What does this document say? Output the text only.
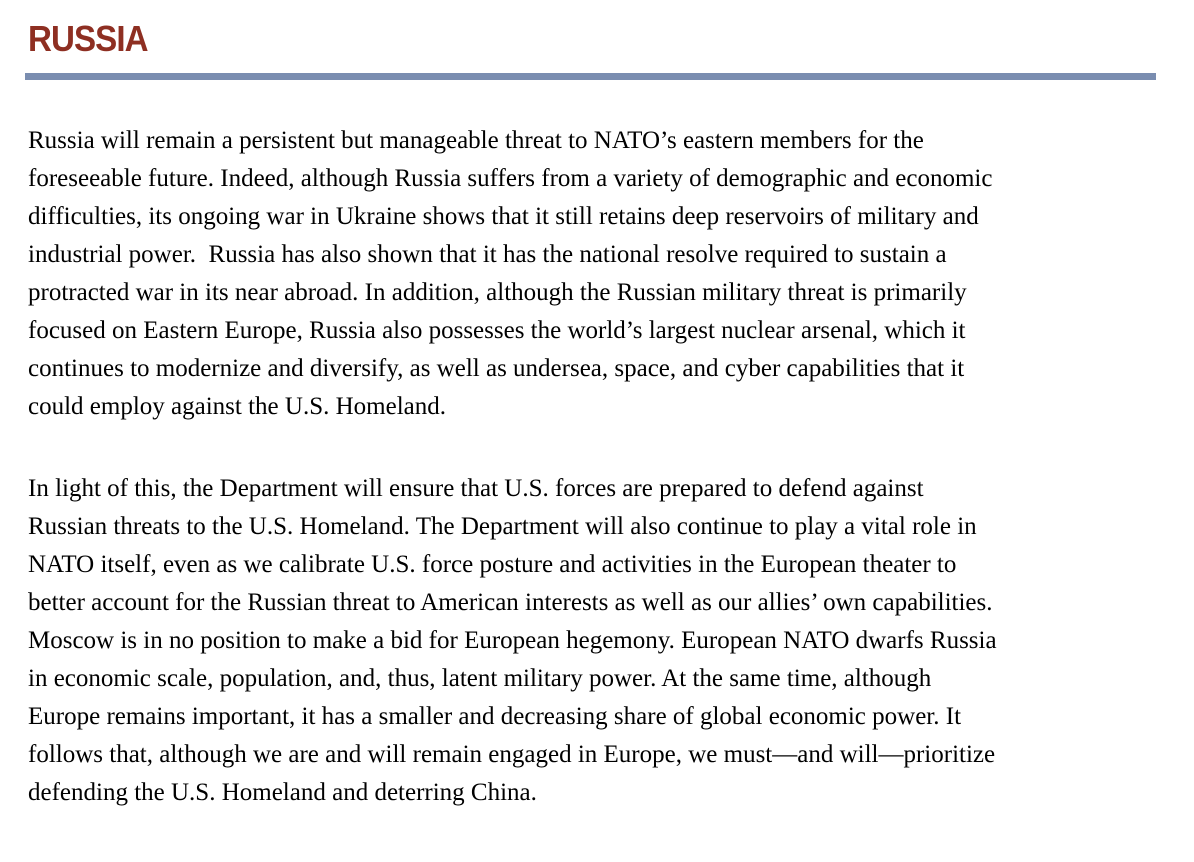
RUSSIA
Russia will remain a persistent but manageable threat to NATO’s eastern members for the
foreseeable future. Indeed, although Russia suffers from a variety of demographic and economic
difficulties, its ongoing war in Ukraine shows that it still retains deep reservoirs of military and
industrial power.  Russia has also shown that it has the national resolve required to sustain a
protracted war in its near abroad. In addition, although the Russian military threat is primarily
focused on Eastern Europe, Russia also possesses the world’s largest nuclear arsenal, which it
continues to modernize and diversify, as well as undersea, space, and cyber capabilities that it
could employ against the U.S. Homeland.
In light of this, the Department will ensure that U.S. forces are prepared to defend against
Russian threats to the U.S. Homeland. The Department will also continue to play a vital role in
NATO itself, even as we calibrate U.S. force posture and activities in the European theater to
better account for the Russian threat to American interests as well as our allies’ own capabilities.
Moscow is in no position to make a bid for European hegemony. European NATO dwarfs Russia
in economic scale, population, and, thus, latent military power. At the same time, although
Europe remains important, it has a smaller and decreasing share of global economic power. It
follows that, although we are and will remain engaged in Europe, we must—and will—prioritize
defending the U.S. Homeland and deterring China.
